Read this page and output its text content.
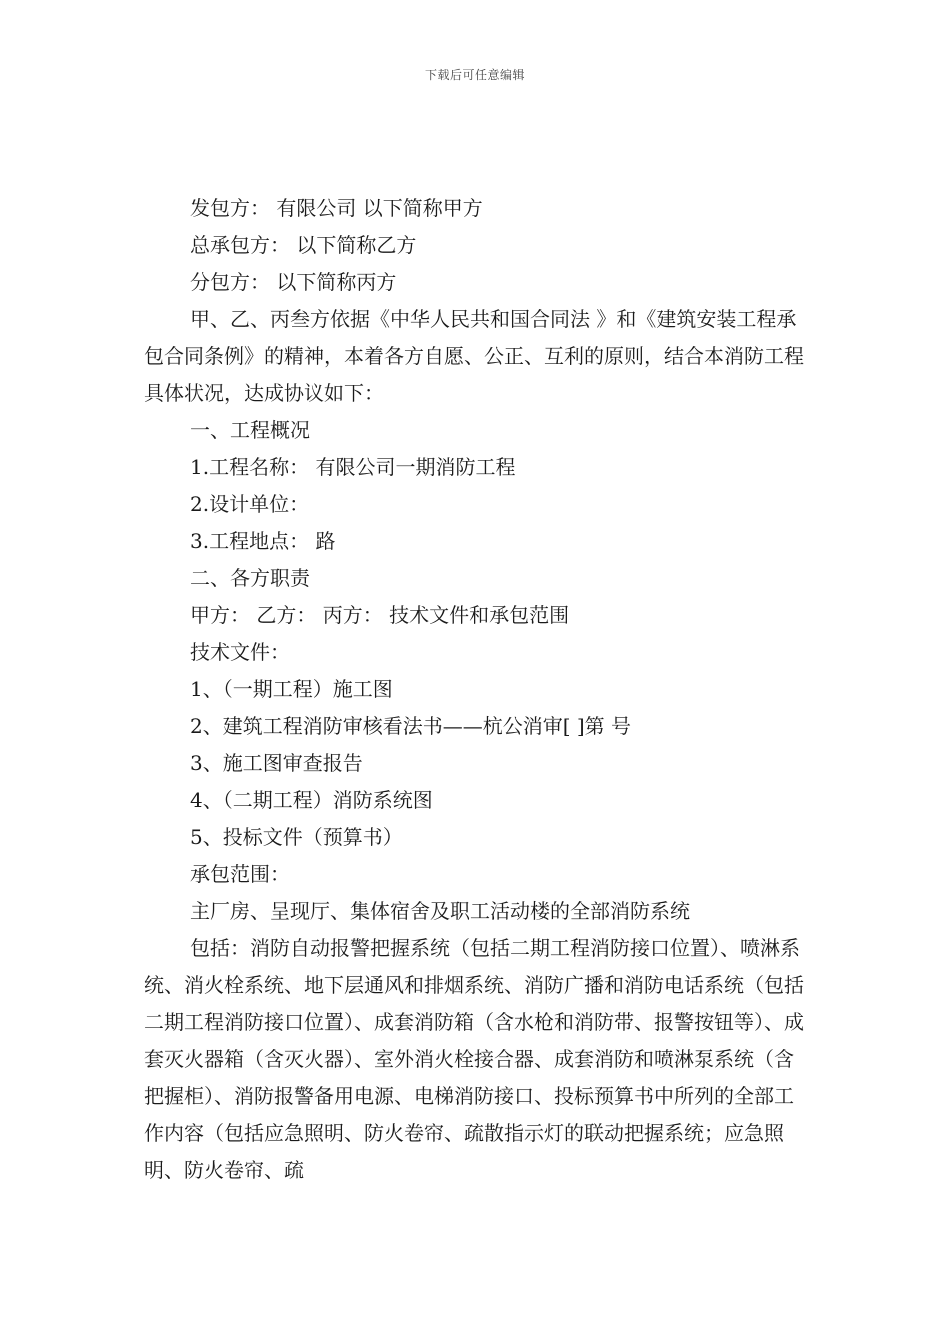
下载后可任意编辑

发包方： 有限公司 以下简称甲方

总承包方： 以下简称乙方

分包方： 以下简称丙方

甲、乙、丙叁方依据《中华人民共和国合同法 》和《建筑安装工程承包合同条例》的精神，本着各方自愿、公正、互利的原则，结合本消防工程具体状况，达成协议如下：

一、工程概况

1.工程名称： 有限公司一期消防工程

2.设计单位：

3.工程地点： 路

二、各方职责

甲方： 乙方： 丙方： 技术文件和承包范围

技术文件：

1、（一期工程）施工图

2、建筑工程消防审核看法书——杭公消审[ ]第 号

3、施工图审查报告

4、（二期工程）消防系统图

5、投标文件（预算书）

承包范围：

主厂房、呈现厅、集体宿舍及职工活动楼的全部消防系统

包括：消防自动报警把握系统（包括二期工程消防接口位置）、喷淋系统、消火栓系统、地下层通风和排烟系统、消防广播和消防电话系统（包括二期工程消防接口位置）、成套消防箱（含水枪和消防带、报警按钮等）、成套灭火器箱（含灭火器）、室外消火栓接合器、成套消防和喷淋泵系统（含把握柜）、消防报警备用电源、电梯消防接口、投标预算书中所列的全部工作内容（包括应急照明、防火卷帘、疏散指示灯的联动把握系统；应急照明、防火卷帘、疏
